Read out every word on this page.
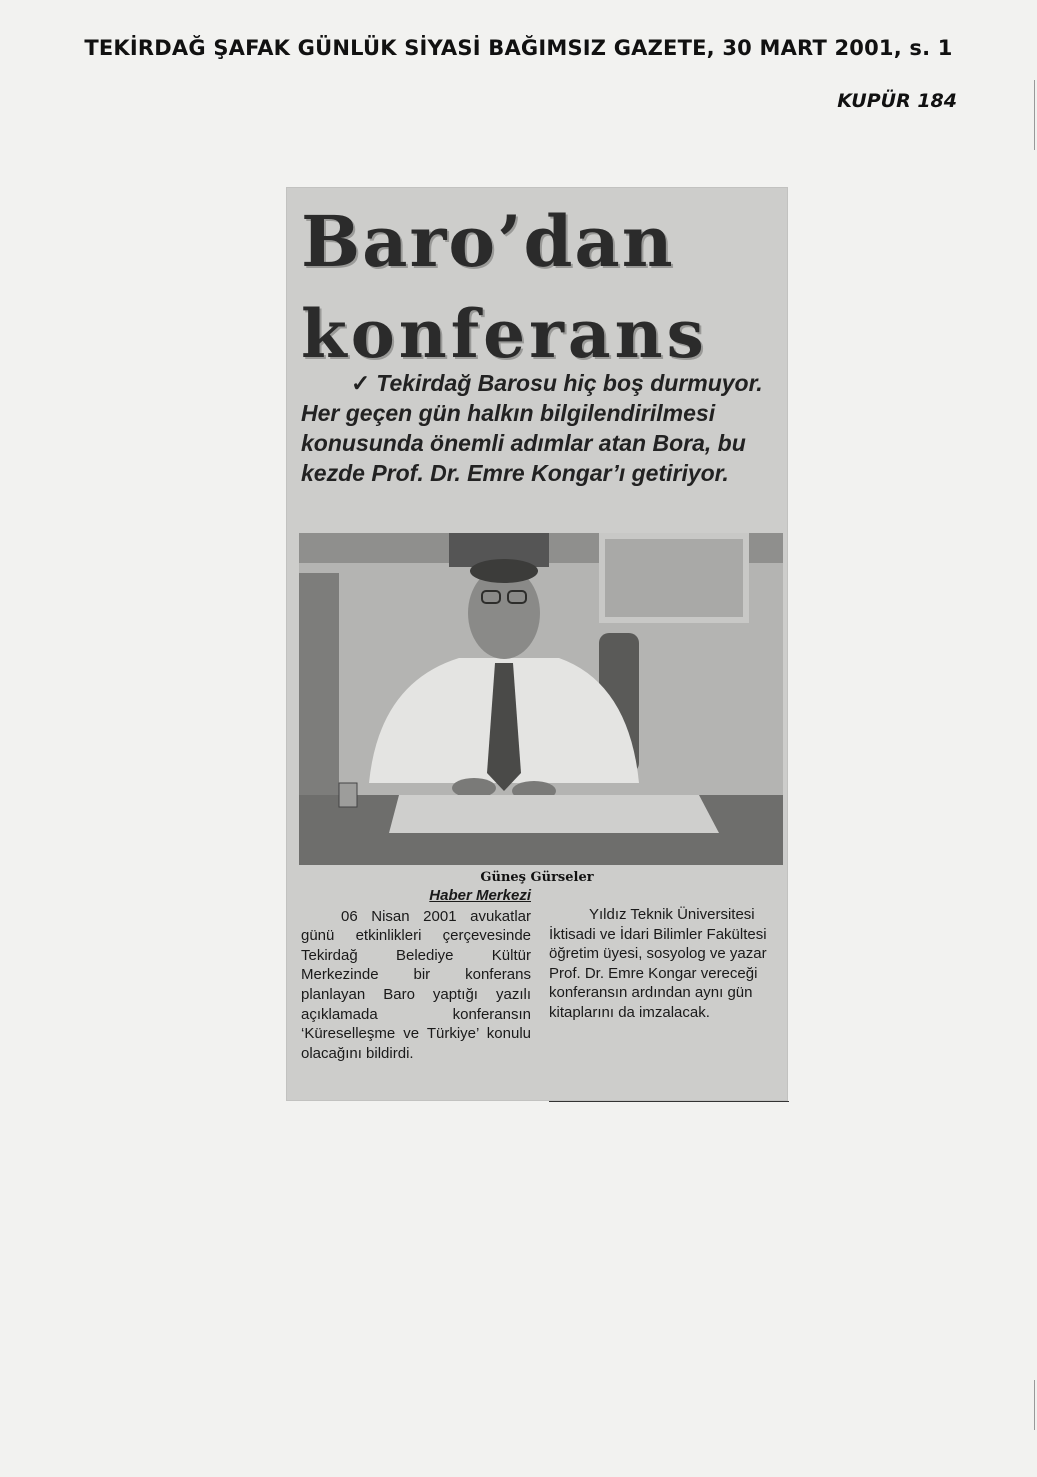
TEKİRDAĞ ŞAFAK GÜNLÜK SİYASİ BAĞIMSIZ GAZETE, 30 MART 2001, s. 1
KUPÜR 184
Baro’dan
konferans
✓ Tekirdağ Barosu hiç boş durmuyor. Her geçen gün halkın bilgilendirilmesi konusunda önemli adımlar atan Bora, bu kezde Prof. Dr. Emre Kongar’ı getiriyor.
Güneş Gürseler
Haber Merkezi
06 Nisan 2001 avukatlar günü etkinlikleri çerçevesinde Tekirdağ Belediye Kültür Merkezinde bir konferans planlayan Baro yaptığı yazılı açıklamada konferansın ‘Küreselleşme ve Türkiye’ konulu olacağını bildirdi.
Yıldız Teknik Üniversitesi İktisadi ve İdari Bilimler Fakültesi öğretim üyesi, sosyolog ve yazar Prof. Dr. Emre Kongar vereceği konferansın ardından aynı gün kitaplarını da imzalacak.
